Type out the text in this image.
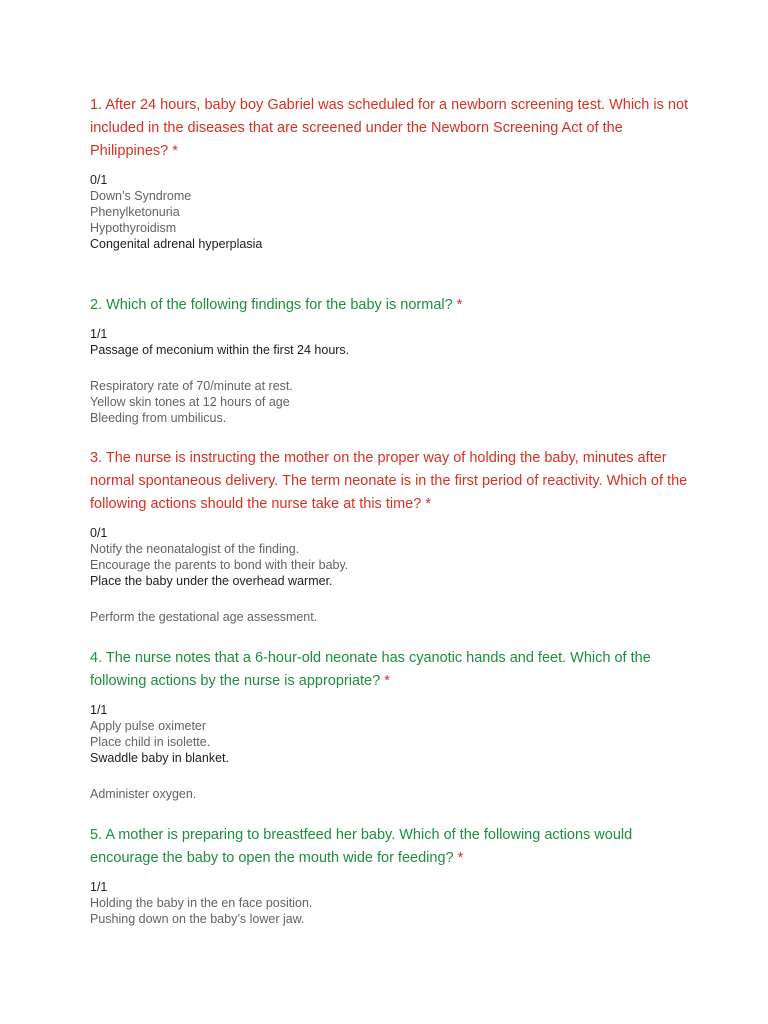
1. After 24 hours, baby boy Gabriel was scheduled for a newborn screening test. Which is not included in the diseases that are screened under the Newborn Screening Act of the Philippines? *

0/1
Down’s Syndrome
Phenylketonuria
Hypothyroidism
Congenital adrenal hyperplasia

2. Which of the following findings for the baby is normal? *

1/1
Passage of meconium within the first 24 hours.
Respiratory rate of 70/minute at rest.
Yellow skin tones at 12 hours of age
Bleeding from umbilicus.

3. The nurse is instructing the mother on the proper way of holding the baby, minutes after normal spontaneous delivery. The term neonate is in the first period of reactivity. Which of the following actions should the nurse take at this time? *

0/1
Notify the neonatalogist of the finding.
Encourage the parents to bond with their baby.
Place the baby under the overhead warmer.
Perform the gestational age assessment.

4. The nurse notes that a 6-hour-old neonate has cyanotic hands and feet. Which of the following actions by the nurse is appropriate? *

1/1
Apply pulse oximeter
Place child in isolette.
Swaddle baby in blanket.
Administer oxygen.

5. A mother is preparing to breastfeed her baby. Which of the following actions would encourage the baby to open the mouth wide for feeding? *

1/1
Holding the baby in the en face position.
Pushing down on the baby’s lower jaw.
